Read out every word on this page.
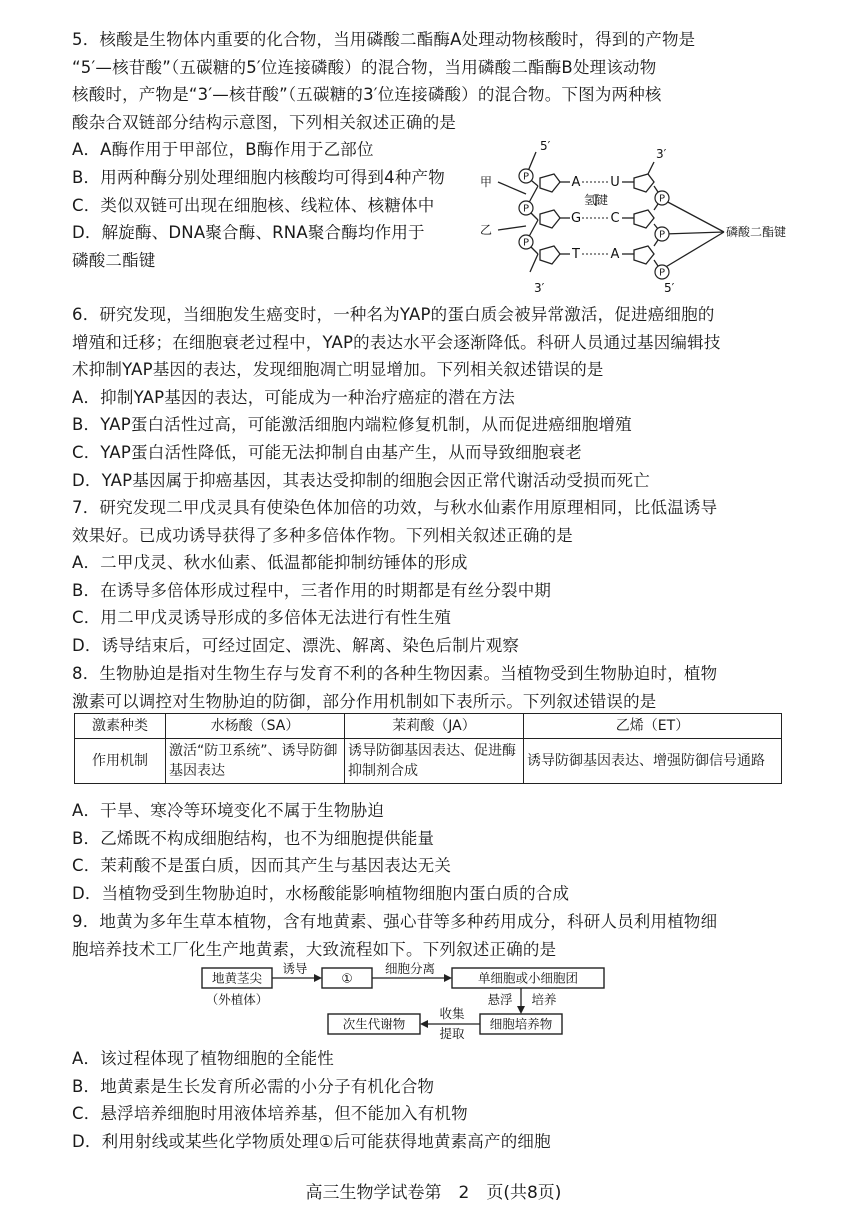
5．核酸是生物体内重要的化合物，当用磷酸二酯酶A处理动物核酸时，得到的产物是

“5′—核苷酸”（五碳糖的5′位连接磷酸）的混合物，当用磷酸二酯酶B处理该动物

核酸时，产物是“3′—核苷酸”（五碳糖的3′位连接磷酸）的混合物。下图为两种核

酸杂合双链部分结构示意图，下列相关叙述正确的是

A．A酶作用于甲部位，B酶作用于乙部位

B．用两种酶分别处理细胞内核酸均可得到4种产物

C．类似双链可出现在细胞核、线粒体、核糖体中

D．解旋酶、DNA聚合酶、RNA聚合酶均作用于

磷酸二酯键

P
P
P
P
P
P
A U
G C
T A
5′
3′
甲
乙
氢键
磷酸二酯键
3′	5′

6．研究发现，当细胞发生癌变时，一种名为YAP的蛋白质会被异常激活，促进癌细胞的

增殖和迁移；在细胞衰老过程中，YAP的表达水平会逐渐降低。科研人员通过基因编辑技

术抑制YAP基因的表达，发现细胞凋亡明显增加。下列相关叙述错误的是

A．抑制YAP基因的表达，可能成为一种治疗癌症的潜在方法

B．YAP蛋白活性过高，可能激活细胞内端粒修复机制，从而促进癌细胞增殖

C．YAP蛋白活性降低，可能无法抑制自由基产生，从而导致细胞衰老

D．YAP基因属于抑癌基因，其表达受抑制的细胞会因正常代谢活动受损而死亡

7．研究发现二甲戊灵具有使染色体加倍的功效，与秋水仙素作用原理相同，比低温诱导

效果好。已成功诱导获得了多种多倍体作物。下列相关叙述正确的是

A．二甲戊灵、秋水仙素、低温都能抑制纺锤体的形成

B．在诱导多倍体形成过程中，三者作用的时期都是有丝分裂中期

C．用二甲戊灵诱导形成的多倍体无法进行有性生殖

D．诱导结束后，可经过固定、漂洗、解离、染色后制片观察

8．生物胁迫是指对生物生存与发育不利的各种生物因素。当植物受到生物胁迫时，植物

激素可以调控对生物胁迫的防御，部分作用机制如下表所示。下列叙述错误的是

激素种类	水杨酸（SA）	茉莉酸（JA）	乙烯（ET）
作用机制	激活“防卫系统”、诱导防御基因表达	诱导防御基因表达、促进酶抑制剂合成	诱导防御基因表达、增强防御信号通路

A．干旱、寒冷等环境变化不属于生物胁迫

B．乙烯既不构成细胞结构，也不为细胞提供能量

C．茉莉酸不是蛋白质，因而其产生与基因表达无关

D．当植物受到生物胁迫时，水杨酸能影响植物细胞内蛋白质的合成

9．地黄为多年生草本植物，含有地黄素、强心苷等多种药用成分，科研人员利用植物细

胞培养技术工厂化生产地黄素，大致流程如下。下列叙述正确的是

地黄茎尖
（外植体）
诱导
①
细胞分离
单细胞或小细胞团
悬浮 培养
细胞培养物
收集
提取
次生代谢物

A．该过程体现了植物细胞的全能性

B．地黄素是生长发育所必需的小分子有机化合物

C．悬浮培养细胞时用液体培养基，但不能加入有机物

D．利用射线或某些化学物质处理①后可能获得地黄素高产的细胞

高三生物学试卷第　2　页(共8页)
